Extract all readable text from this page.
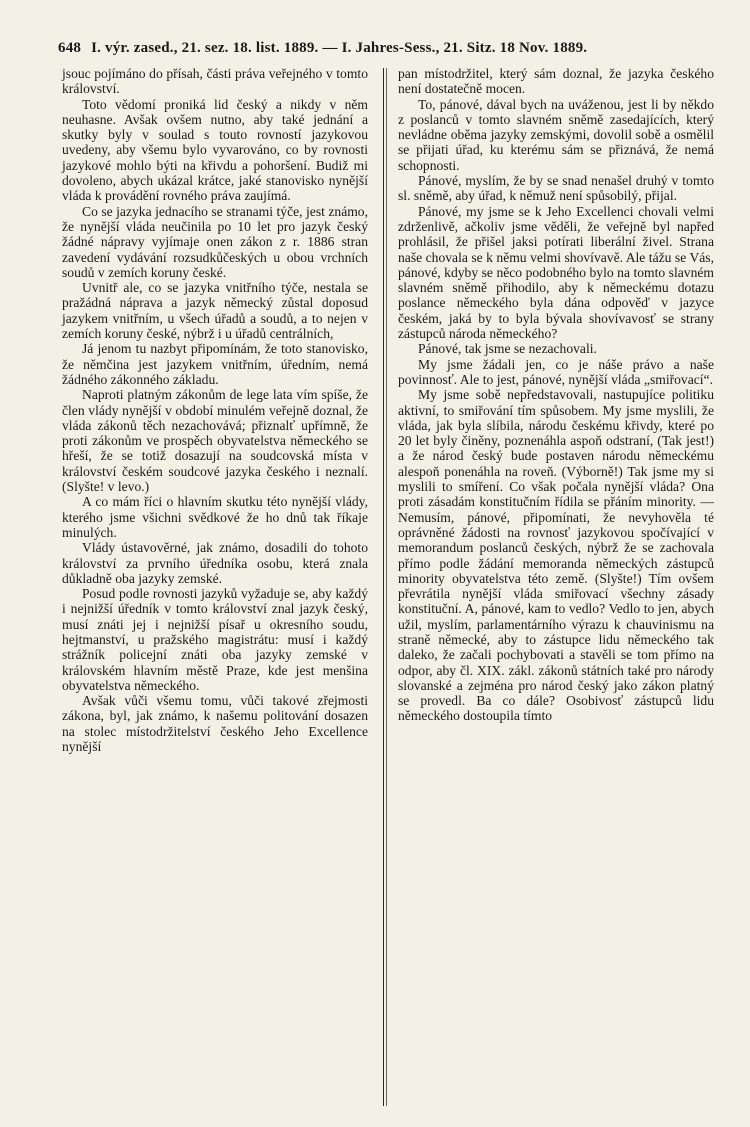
648 I. výr. zased., 21. sez. 18. list. 1889. — I. Jahres-Sess., 21. Sitz. 18 Nov. 1889.

jsouc pojímáno do přísah, části práva veřejného v tomto království.

Toto vědomí proniká lid český a nikdy v něm neuhasne. Avšak ovšem nutno, aby také jednání a skutky byly v soulad s touto rovností jazykovou uvedeny, aby všemu bylo vyvarováno, co by rovnosti jazykové mohlo býti na křivdu a pohoršení. Budiž mi dovoleno, abych ukázal krátce, jaké stanovisko nynější vláda k provádění rovného práva zaujímá.

Co se jazyka jednacího se stranami týče, jest známo, že nynější vláda neučinila po 10 let pro jazyk český žádné nápravy vyjímaje onen zákon z r. 1886 stran zavedení vydávání rozsudkůčeských u obou vrchních soudů v zemích koruny české.

Uvnitř ale, co se jazyka vnitřního týče, nestala se pražádná náprava a jazyk německý zůstal doposud jazykem vnitřním, u všech úřadů a soudů, a to nejen v zemích koruny české, nýbrž i u úřadů centrálních,

Já jenom tu nazbyt připomínám, že toto stanovisko, že němčina jest jazykem vnitřním, úředním, nemá žádného zákonného základu.

Naproti platným zákonům de lege lata vím spíše, že člen vlády nynější v období minulém veřejně doznal, že vláda zákonů těch nezachovává; přiznalť upřímně, že proti zákonům ve prospěch obyvatelstva německého se hřeší, že se totiž dosazují na soudcovská místa v království českém soudcové jazyka českého i neznalí. (Slyšte! v levo.)

A co mám říci o hlavním skutku této nynější vlády, kterého jsme všichni svědkové že ho dnů tak říkaje minulých.

Vlády ústavověrné, jak známo, dosadili do tohoto království za prvního úředníka osobu, která znala důkladně oba jazyky zemské.

Posud podle rovnosti jazyků vyžaduje se, aby každý i nejnižší úředník v tomto království znal jazyk český, musí znáti jej i nejnižší písař u okresního soudu, hejtmanství, u pražského magistrátu: musí i každý strážník policejní znáti oba jazyky zemské v královském hlavním městě Praze, kde jest menšina obyvatelstva německého.

Avšak vůči všemu tomu, vůči takové zřejmosti zákona, byl, jak známo, k našemu politování dosazen na stolec místodržitelství českého Jeho Excellence nynější

pan místodržitel, který sám doznal, že jazyka českého není dostatečně mocen.

To, pánové, dával bych na uváženou, jest li by někdo z poslanců v tomto slavném sněmě zasedajících, který nevládne oběma jazyky zemskými, dovolil sobě a osmělil se přijati úřad, ku kterému sám se přiznává, že nemá schopnosti.

Pánové, myslím, že by se snad nenašel druhý v tomto sl. sněmě, aby úřad, k němuž není spůsobilý, přijal.

Pánové, my jsme se k Jeho Excellenci chovali velmi zdrženlivě, ačkoliv jsme věděli, že veřejně byl napřed prohlásil, že přišel jaksi potírati liberální živel. Strana naše chovala se k němu velmi shovívavě. Ale tážu se Vás, pánové, kdyby se něco podobného bylo na tomto slavném slavném sněmě přihodilo, aby k německému dotazu poslance německého byla dána odpověď v jazyce českém, jaká by to byla bývala shovívavosť se strany zástupců národa německého?

Pánové, tak jsme se nezachovali.

My jsme žádali jen, co je náše právo a naše povinnosť. Ale to jest, pánové, nynější vláda „smiřovací“.

My jsme sobě nepředstavovali, nastupujíce politiku aktivní, to smiřování tím spůsobem. My jsme myslili, že vláda, jak byla slíbila, národu českému křivdy, které po 20 let byly činěny, poznenáhla aspoň odstraní, (Tak jest!) a že národ český bude postaven národu německému alespoň ponenáhla na roveň. (Výborně!) Tak jsme my si myslili to smíření. Co však počala nynější vláda? Ona proti zásadám konstitučním řídila se přáním minority. — Nemusím, pánové, připomínati, že nevyhověla té oprávněné žádosti na rovnosť jazykovou spočívající v memorandum poslanců českých, nýbrž že se zachovala přímo podle žádání memoranda německých zástupců minority obyvatelstva této země. (Slyšte!) Tím ovšem převrátila nynější vláda smiřovací všechny zásady konstituční. A, pánové, kam to vedlo? Vedlo to jen, abych užil, myslím, parlamentárního výrazu k chauvinismu na straně německé, aby to zástupce lidu německého tak daleko, že začali pochybovati a stavěli se tom přímo na odpor, aby čl. XIX. zákl. zákonů státních také pro národy slovanské a zejména pro národ český jako zákon platný se provedl. Ba co dále? Osobivosť zástupců lidu německého dostoupila tímto
